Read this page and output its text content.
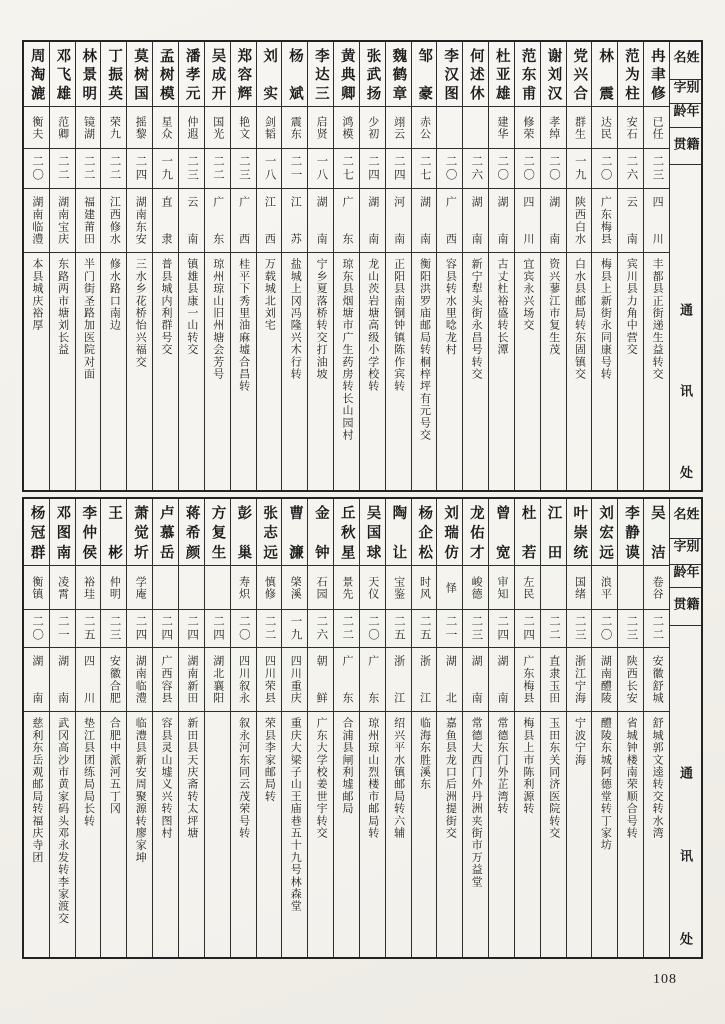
姓名
别字
年龄
籍贯
通讯处
冉聿修
已任
二三
四川
丰都县正街递生益转交
范为柱
安石
二六
云南
宾川县力角中营交
林震
达民
二〇
广东梅县
梅县上新街永同康号转
党兴合
群生
一九
陕西白水
白水县邮局转东固镇交
谢刘汉
孝绰
二〇
湖南
资兴蓼江市复生茂
范东甫
修荣
二〇
四川
宜宾永兴场交
杜亚雄
建华
二〇
湖南
古丈杜裕盛转长潭
何述休
二六
湖南
新宁犁头街永昌号转交
李汉图
二〇
广西
容县转水里唸龙村
邹豪
赤公
二七
湖南
衡阳洪罗庙邮局转桐梓坪有元号交
魏鹤章
翊云
二四
河南
正阳县南铜钟镇陈作宾转
张武扬
少初
二四
湖南
龙山茨岩塘高级小学校转
黄典卿
鸿模
二七
广东
琼东县烟塘市广生药房转长山园村
李达三
启贤
一八
湖南
宁乡夏落桥转交打油坡
杨斌
震东
二一
江苏
盐城上冈冯隆兴木行转
刘实
剑韬
一八
江西
万载城北刘宅
郑容辉
艳文
二三
广西
桂平下秀里油麻墟合昌转
吴成开
国光
二二
广东
琼州琼山旧州塘会芳号
潘孝元
仲遐
二三
云南
镇雄县康一山转交
孟树模
星众
一九
直隶
普县城内利群号交
莫树国
摇黎
二四
湖南东安
三水乡花桥怡兴福交
丁振英
荣九
二二
江西修水
修水路口南边
林景明
镜湖
二二
福建莆田
半门街圣路加医院对面
邓飞雄
范卿
二二
湖南宝庆
东路两市塘刘长益
周淘漉
衡夫
二〇
湖南临澧
本县城庆裕厚
姓名
别字
年龄
籍贯
通讯处
吴洁
卷谷
二二
安徽舒城
舒城郭文逵转交转水湾
李静谟
二三
陕西长安
省城钟楼南荣顺合号转
刘宏远
浪平
二〇
湖南醴陵
醴陵东城阿德堂转丁家坊
叶崇统
国绪
二三
浙江宁海
宁波宁海
江田
二二
直隶玉田
玉田东关同济医院转交
杜若
左民
二四
广东梅县
梅县上市陈利源转
曾宽
审知
二四
湖南
常德东门外芷湾转
龙佑才
峻德
二三
湖南
常德大西门外丹洲夹街市万益堂
刘瑞仿
怿
二一
湖北
嘉鱼县龙口后洲提街交
杨企松
时风
二五
浙江
临海东胜溪东
陶让
宝鉴
二五
浙江
绍兴平水镇邮局转六辅
吴国球
天仪
二〇
广东
琼州琼山烈楼市邮局转
丘秋星
景先
二二
广东
合浦县闸利墟邮局
金钟
石园
二六
朝鲜
广东大学校姜世宇转交
曹濂
棨溪
一九
四川重庆
重庆大梁子山王庙巷五十九号林森堂
张志远
慎修
二二
四川荣县
荣县李家邮局转
彭巢
寿炽
二〇
四川叙永
叙永河东同云茂荣号转
方复生
二四
湖北襄阳
蒋希颜
二四
湖南新田
新田县天庆斋转太坪塘
卢慕岳
二四
广西容县
容县灵山墟义兴转图村
萧觉圻
学庵
二四
湖南临澧
临澧县新安周聚源转廖家坤
王彬
仲明
二三
安徽合肥
合肥中派河五丁冈
李仲侯
裕珪
二五
四川
垫江县团练局局长转
邓图南
凌霄
二一
湖南
武冈高沙市黄家码头邓永发转李家渡交
杨冠群
衡镇
二〇
湖南
慈利东岳观邮局转福庆寺团
108
